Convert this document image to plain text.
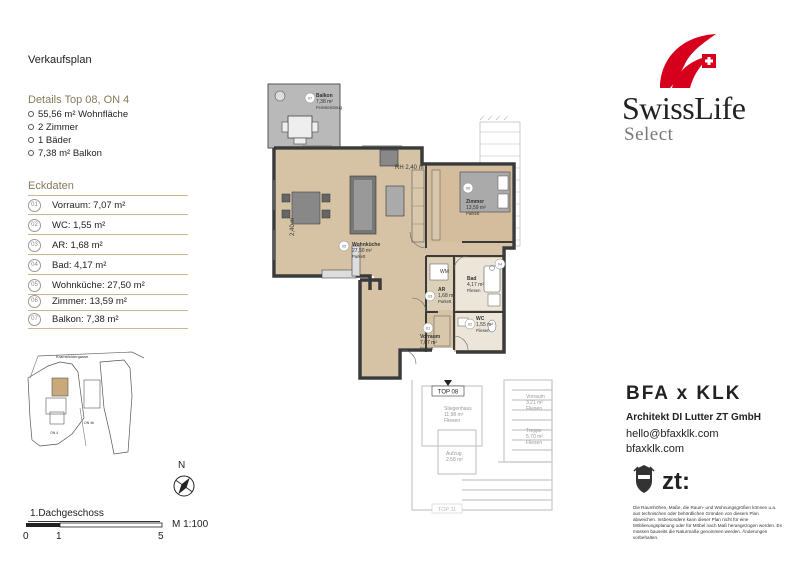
Verkaufsplan
Details Top 08, ON 4
55,56 m² Wohnfläche
2 Zimmer
1 Bäder
7,38 m² Balkon
Eckdaten
01	Vorraum: 7,07 m²
02	WC: 1,55 m²
03	AR: 1,68 m²
04	Bad: 4,17 m²
05	Wohnküche: 27,50 m²
06	Zimmer: 13,59 m²
07	Balkon: 7,38 m²
Kramsfeldergasse
ON 4
ON 4b
N
1.Dachgeschoss
M 1:100
0	1	5
07
05
06
03
04
02
01
TOP 08
TOP 11
Balkon
7,38 m²
Feinsteinzeug
RH 2,40 m
2,40 m
Wohnküche
27,50 m²
Parkett
Zimmer
13,59 m²
Parkett
WM
AR
1,68 m²
Parkett
Bad
4,17 m²
Fliesen
WC
1,55 m²
Fliesen
Vorraum
7,07 m²
Parkett
Stiegenhaus
11,98 m²
Fliesen
Aufzug
2,58 m²
Vorraum
3,21 m²
Fliesen
Treppe
5,70 m²
Fliesen
SwissLife
Select
BFA x KLK
Architekt DI Lutter ZT GmbH
hello@bfaxklk.com
bfaxklk.com
zt:
Die Raumhöhen, Maße, die Raum- und Wohnungsgrößen können u.a. aus technischen oder behördlichen Gründen von diesem Plan abweichen. Insbesondere kann dieser Plan nicht für eine Möblierungsplanung oder für Möbel nach Maß herangezogen werden. Es müssen bauseits die Naturmaße genommen werden. Änderungen vorbehalten.
